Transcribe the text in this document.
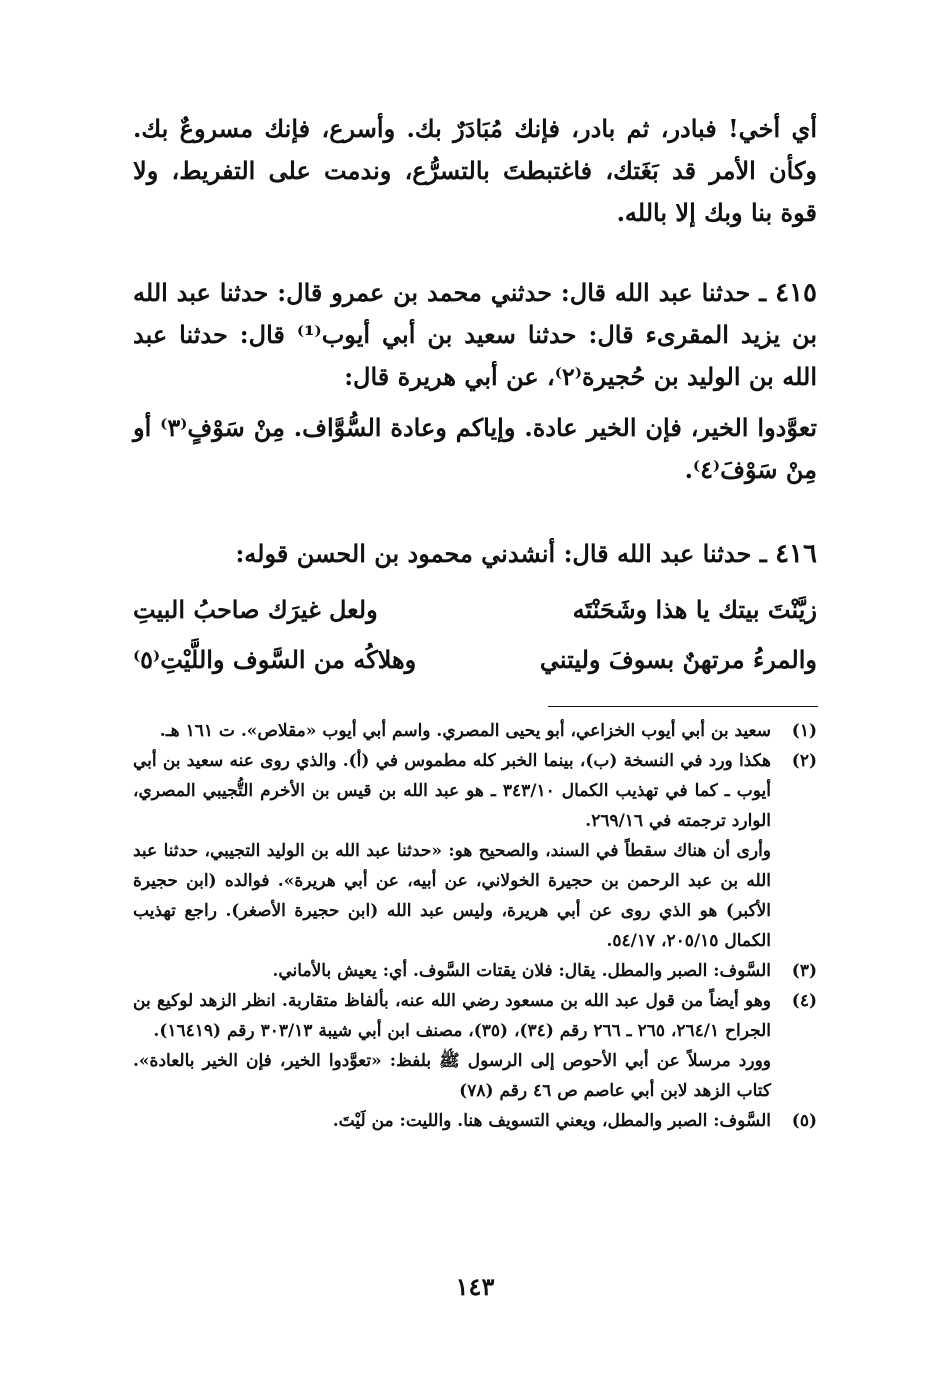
أي أخي! فبادر، ثم بادر، فإنك مُبَادَرٌ بك. وأسرع، فإنك مسروعٌ بك. وكأن الأمر قد بَغَتك، فاغتبطتَ بالتسرُّع، وندمت على التفريط، ولا قوة بنا وبك إلا بالله.
٤١٥ ـ حدثنا عبد الله قال: حدثني محمد بن عمرو قال: حدثنا عبد الله بن يزيد المقرىء قال: حدثنا سعيد بن أبي أيوب⁽¹⁾ قال: حدثنا عبد الله بن الوليد بن حُجيرة⁽٢⁾، عن أبي هريرة قال:
تعوَّدوا الخير، فإن الخير عادة. وإياكم وعادة السُّوَّاف. مِنْ سَوْفٍ⁽٣⁾ أو مِنْ سَوْفَ⁽٤⁾.
٤١٦ ـ حدثنا عبد الله قال: أنشدني محمود بن الحسن قوله:
زيَّنْتَ بيتك يا هذا وشَحَنْتَه
ولعل غيرَك صاحبُ البيتِ
والمرءُ مرتهنٌ بسوفَ وليتني
وهلاكُه من السَّوف واللَّيْتِ⁽٥⁾
(١)
سعيد بن أبي أيوب الخزاعي، أبو يحيى المصري. واسم أبي أيوب «مقلاص». ت ١٦١ هـ.
(٢)
هكذا ورد في النسخة (ب)، بينما الخبر كله مطموس في (أ). والذي روى عنه سعيد بن أبي أيوب ـ كما في تهذيب الكمال ٣٤٣/١٠ ـ هو عبد الله بن قيس بن الأخرم التُّجيبي المصري، الوارد ترجمته في ٢٦٩/١٦.
وأرى أن هناك سقطاً في السند، والصحيح هو: «حدثنا عبد الله بن الوليد التجيبي، حدثنا عبد الله بن عبد الرحمن بن حجيرة الخولاني، عن أبيه، عن أبي هريرة». فوالده (ابن حجيرة الأكبر) هو الذي روى عن أبي هريرة، وليس عبد الله (ابن حجيرة الأصغر). راجع تهذيب الكمال ٢٠٥/١٥، ٥٤/١٧.
(٣)
السَّوف: الصبر والمطل. يقال: فلان يقتات السَّوف. أي: يعيش بالأماني.
(٤)
وهو أيضاً من قول عبد الله بن مسعود رضي الله عنه، بألفاظ متقاربة. انظر الزهد لوكيع بن الجراح ٢٦٤/١، ٢٦٥ ـ ٢٦٦ رقم (٣٤)، (٣٥)، مصنف ابن أبي شيبة ٣٠٣/١٣ رقم (١٦٤١٩).
وورد مرسلاً عن أبي الأحوص إلى الرسول ﷺ بلفظ: «تعوَّدوا الخير، فإن الخير بالعادة». كتاب الزهد لابن أبي عاصم ص ٤٦ رقم (٧٨)
(٥)
السَّوف: الصبر والمطل، ويعني التسويف هنا. والليت: من لَيْتَ.
١٤٣
